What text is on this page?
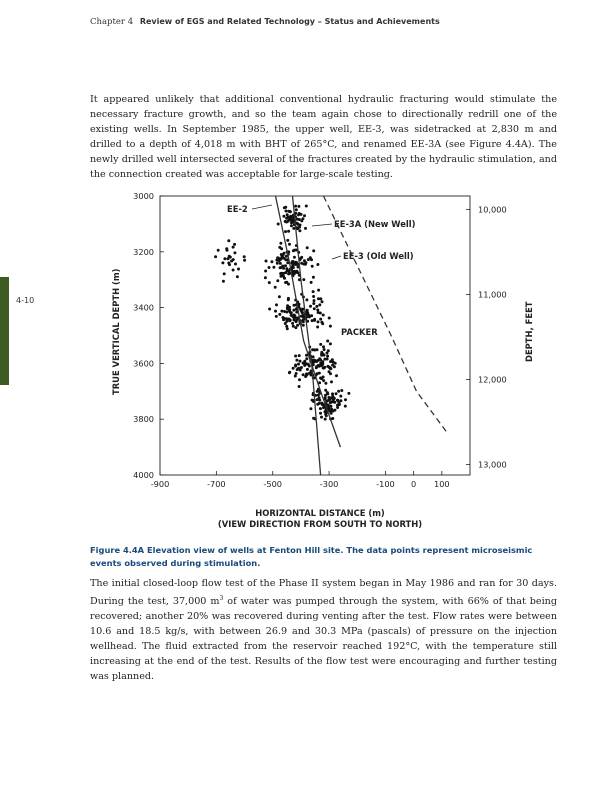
Chapter 4 Review of EGS and Related Technology – Status and Achievements
4-10

It appeared unlikely that additional conventional hydraulic fracturing would stimulate the necessary fracture growth, and so the team again chose to directionally redrill one of the existing wells. In September 1985, the upper well, EE-3, was sidetracked at 2,830 m and drilled to a depth of 4,018 m with BHT of 265°C, and renamed EE-3A (see Figure 4.4A). The newly drilled well intersected several of the fractures created by the hydraulic stimulation, and the connection created was acceptable for large-scale testing.

-900	-700	-500	-300	-100 0 100
3000
3200
3400
3600
3800
4000
10,000
11,000
12,000
13,000
EE-2
EE-3A (New Well)
EE-3 (Old Well)
PACKER
TRUE VERTICAL DEPTH (m)	DEPTH, FEET
HORIZONTAL DISTANCE (m)
(VIEW DIRECTION FROM SOUTH TO NORTH)
Figure 4.4A Elevation view of wells at Fenton Hill site. The data points represent microseismic events observed during stimulation.

The initial closed-loop flow test of the Phase II system began in May 1986 and ran for 30 days. During the test, 37,000 $m^3$ of water was pumped through the system, with 66% of that being recovered; another 20% was recovered during venting after the test. Flow rates were between 10.6 and 18.5 kg/s, with between 26.9 and 30.3 MPa (pascals) of pressure on the injection wellhead. The fluid extracted from the reservoir reached 192°C, with the temperature still increasing at the end of the test. Results of the flow test were encouraging and further testing was planned.
